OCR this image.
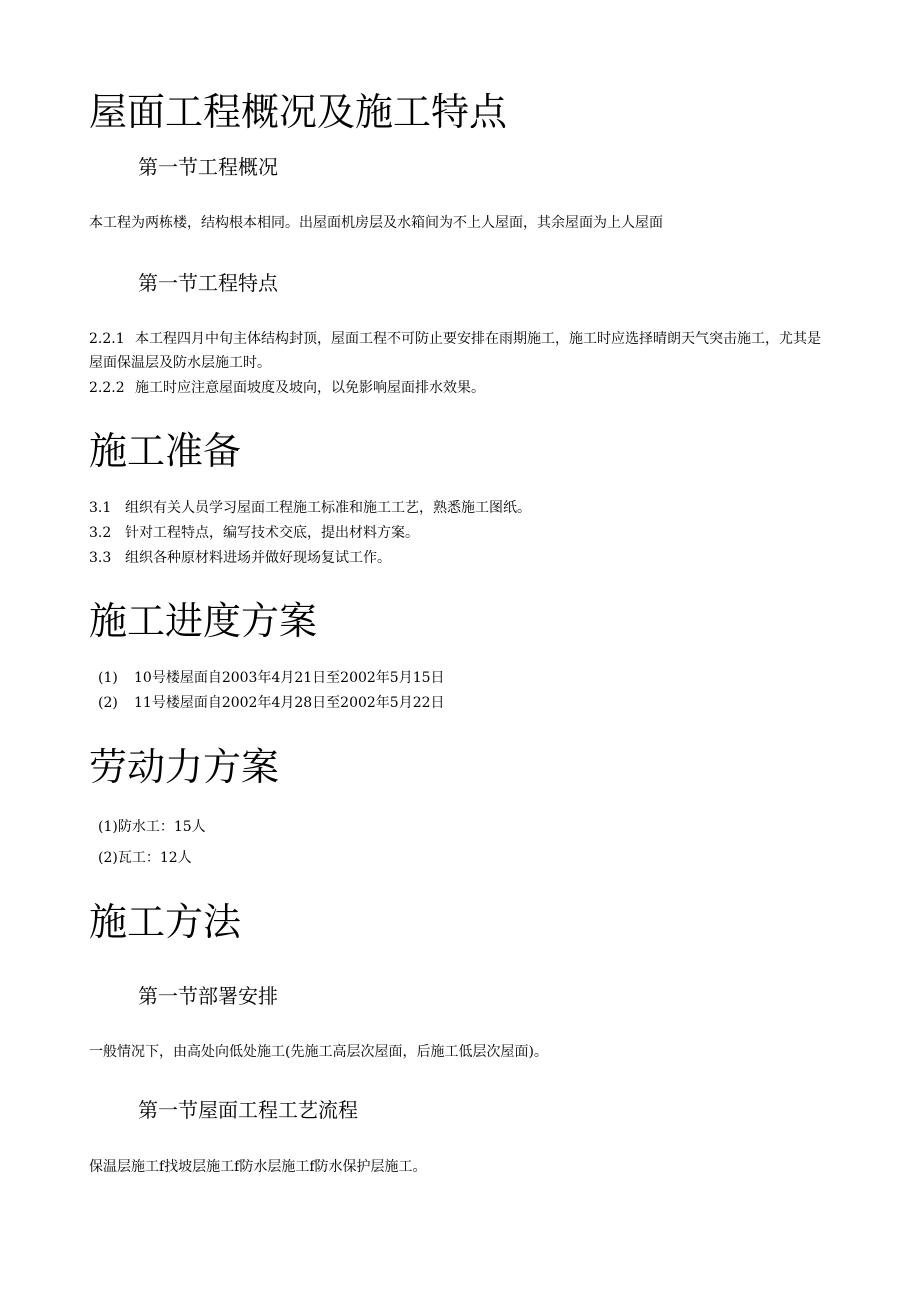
屋面工程概况及施工特点
第一节工程概况

本工程为两栋楼，结构根本相同。出屋面机房层及水箱间为不上人屋面，其余屋面为上人屋面

第一节工程特点
2.2.1 本工程四月中旬主体结构封顶，屋面工程不可防止要安排在雨期施工，施工时应选择晴朗天气突击施工，尤其是屋面保温层及防水层施工时。
2.2.2 施工时应注意屋面坡度及坡向，以免影响屋面排水效果。
施工准备

3.1 组织有关人员学习屋面工程施工标准和施工工艺，熟悉施工图纸。

3.2 针对工程特点，编写技术交底，提出材料方案。

3.3 组织各种原材料进场并做好现场复试工作。

施工进度方案

(1) 10号楼屋面自2003年4月21日至2002年5月15日

(2) 11号楼屋面自2002年4月28日至2002年5月22日

劳动力方案

(1)防水工：15人

(2)瓦工：12人

施工方法
第一节部署安排

一般情况下，由高处向低处施工(先施工高层次屋面，后施工低层次屋面)。

第一节屋面工程工艺流程

保温层施工f找坡层施工f防水层施工f防水保护层施工。
